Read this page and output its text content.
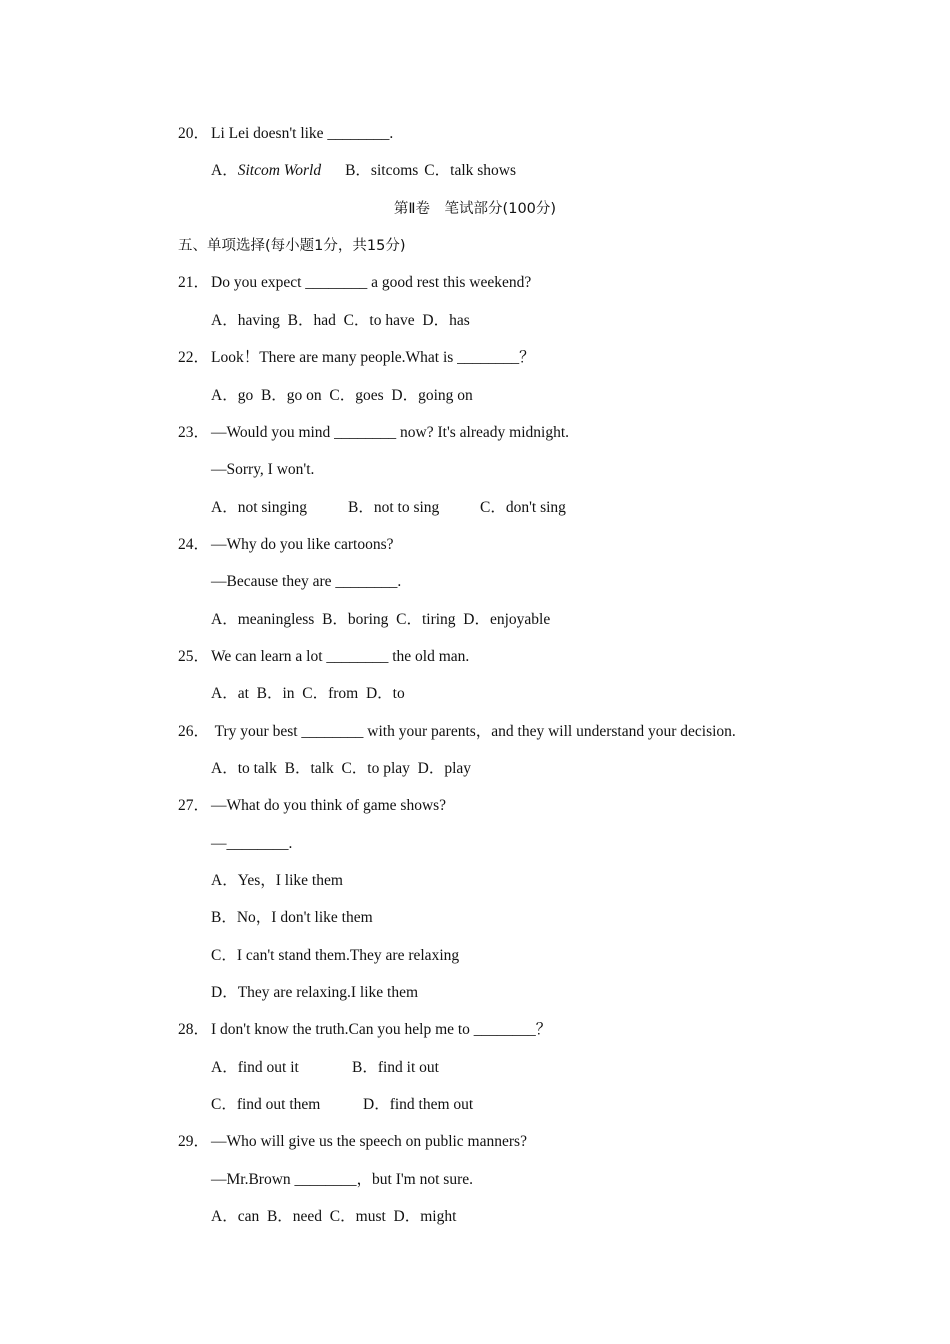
20． Li Lei doesn't like ________.
A．Sitcom World B．sitcoms C．talk shows
第Ⅱ卷　笔试部分(100分)
五、单项选择(每小题1分，共15分)
21． Do you expect ________ a good rest this weekend?
A．having  B．had  C．to have  D．has
22． Look！There are many people.What is ________？
A．go  B．go on  C．goes  D．going on
23． —Would you mind ________ now? It's already midnight.
—Sorry, I won't.
A．not singing	B．not to sing	C．don't sing
24． —Why do you like cartoons?
—Because they are ________.
A．meaningless  B．boring  C．tiring  D．enjoyable
25． We can learn a lot ________ the old man.
A．at  B．in  C．from  D．to
26． Try your best ________ with your parents，and they will understand your decision.
A．to talk  B．talk  C．to play  D．play
27． —What do you think of game shows?
—________.
A．Yes，I like them
B．No，I don't like them
C．I can't stand them.They are relaxing
D．They are relaxing.I like them
28． I don't know the truth.Can you help me to ________？
A．find out it	B．find it out
C．find out them	D．find them out
29． —Who will give us the speech on public manners?
—Mr.Brown ________，but I'm not sure.
A．can  B．need  C．must  D．might
